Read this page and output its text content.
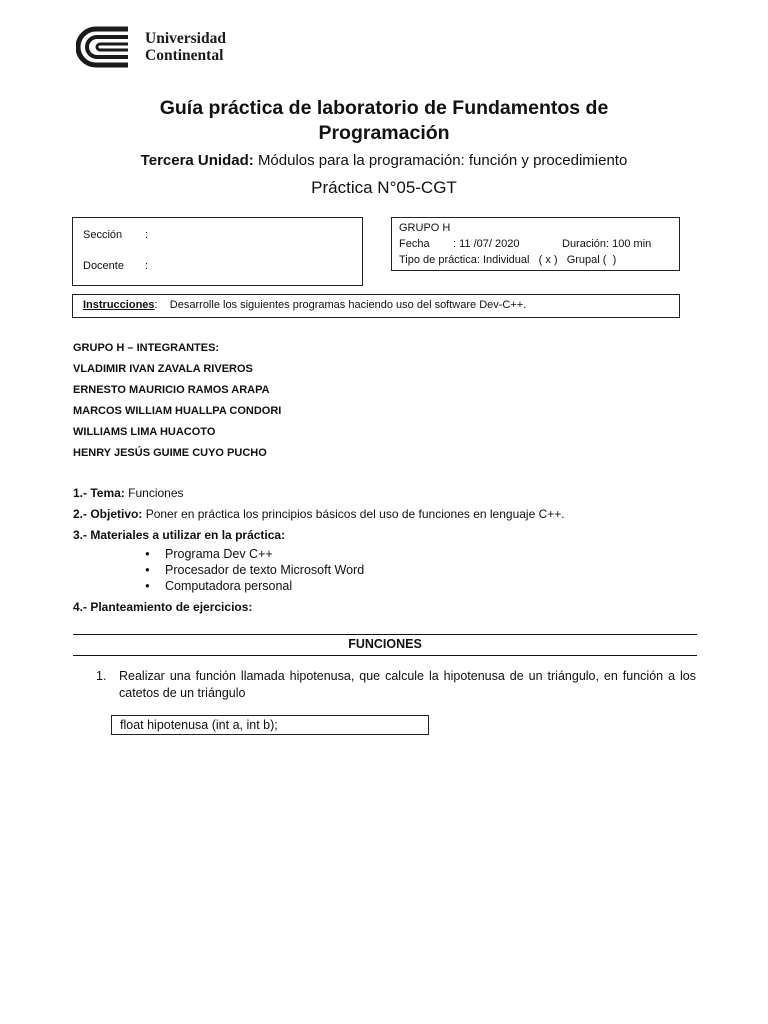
Universidad
Continental
Guía práctica de laboratorio de Fundamentos de
Programación
Tercera Unidad: Módulos para la programación: función y procedimiento
Práctica N°05-CGT
Sección :
Docente :
GRUPO H
Fecha : 11 /07/ 2020	Duración: 100 min
Tipo de práctica: Individual   ( x )   Grupal (  )
Instrucciones:    Desarrolle los siguientes programas haciendo uso del software Dev-C++.
GRUPO H – INTEGRANTES:
VLADIMIR IVAN ZAVALA RIVEROS
ERNESTO MAURICIO RAMOS ARAPA
MARCOS WILLIAM HUALLPA CONDORI
WILLIAMS LIMA HUACOTO
HENRY JESÚS GUIME CUYO PUCHO
1.- Tema: Funciones
2.- Objetivo: Poner en práctica los principios básicos del uso de funciones en lenguaje C++.
3.- Materiales a utilizar en la práctica:
● Programa Dev C++
● Procesador de texto Microsoft Word
● Computadora personal
4.- Planteamiento de ejercicios:
FUNCIONES
1. Realizar una función llamada hipotenusa, que calcule la hipotenusa de un triángulo, en función a los catetos de un triángulo
float hipotenusa (int a, int b);
